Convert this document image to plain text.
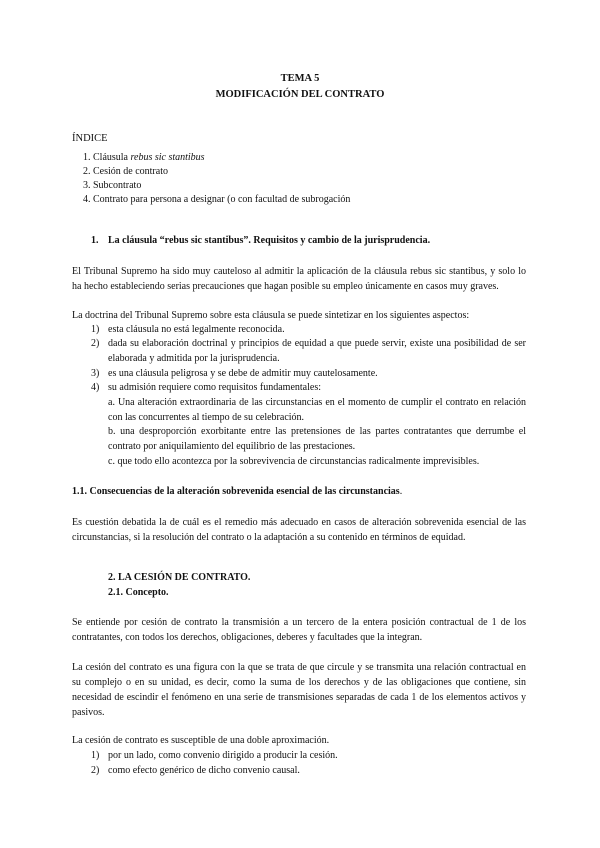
TEMA 5
MODIFICACIÓN DEL CONTRATO
ÍNDICE
1. Cláusula rebus sic stantibus
2. Cesión de contrato
3. Subcontrato
4. Contrato para persona a designar (o con facultad de subrogación
1. La cláusula “rebus sic stantibus”. Requisitos y cambio de la jurisprudencia.
El Tribunal Supremo ha sido muy cauteloso al admitir la aplicación de la cláusula rebus sic stantibus, y solo lo ha hecho estableciendo serias precauciones que hagan posible su empleo únicamente en casos muy graves.
La doctrina del Tribunal Supremo sobre esta cláusula se puede sintetizar en los siguientes aspectos:
1) esta cláusula no está legalmente reconocida.
2) dada su elaboración doctrinal y principios de equidad a que puede servir, existe una posibilidad de ser elaborada y admitida por la jurisprudencia.
3) es una cláusula peligrosa y se debe de admitir muy cautelosamente.
4) su admisión requiere como requisitos fundamentales:
a. Una alteración extraordinaria de las circunstancias en el momento de cumplir el contrato en relación con las concurrentes al tiempo de su celebración.
b. una desproporción exorbitante entre las pretensiones de las partes contratantes que derrumbe el contrato por aniquilamiento del equilibrio de las prestaciones.
c. que todo ello acontezca por la sobrevivencia de circunstancias radicalmente imprevisibles.
1.1. Consecuencias de la alteración sobrevenida esencial de las circunstancias.
Es cuestión debatida la de cuál es el remedio más adecuado en casos de alteración sobrevenida esencial de las circunstancias, si la resolución del contrato o la adaptación a su contenido en términos de equidad.
2. LA CESIÓN DE CONTRATO.
2.1. Concepto.
Se entiende por cesión de contrato la transmisión a un tercero de la entera posición contractual de 1 de los contratantes, con todos los derechos, obligaciones, deberes y facultades que la integran.
La cesión del contrato es una figura con la que se trata de que circule y se transmita una relación contractual en su complejo o en su unidad, es decir, como la suma de los derechos y de las obligaciones que contiene, sin necesidad de escindir el fenómeno en una serie de transmisiones separadas de cada 1 de los elementos activos y pasivos.
La cesión de contrato es susceptible de una doble aproximación.
1) por un lado, como convenio dirigido a producir la cesión.
2) como efecto genérico de dicho convenio causal.
